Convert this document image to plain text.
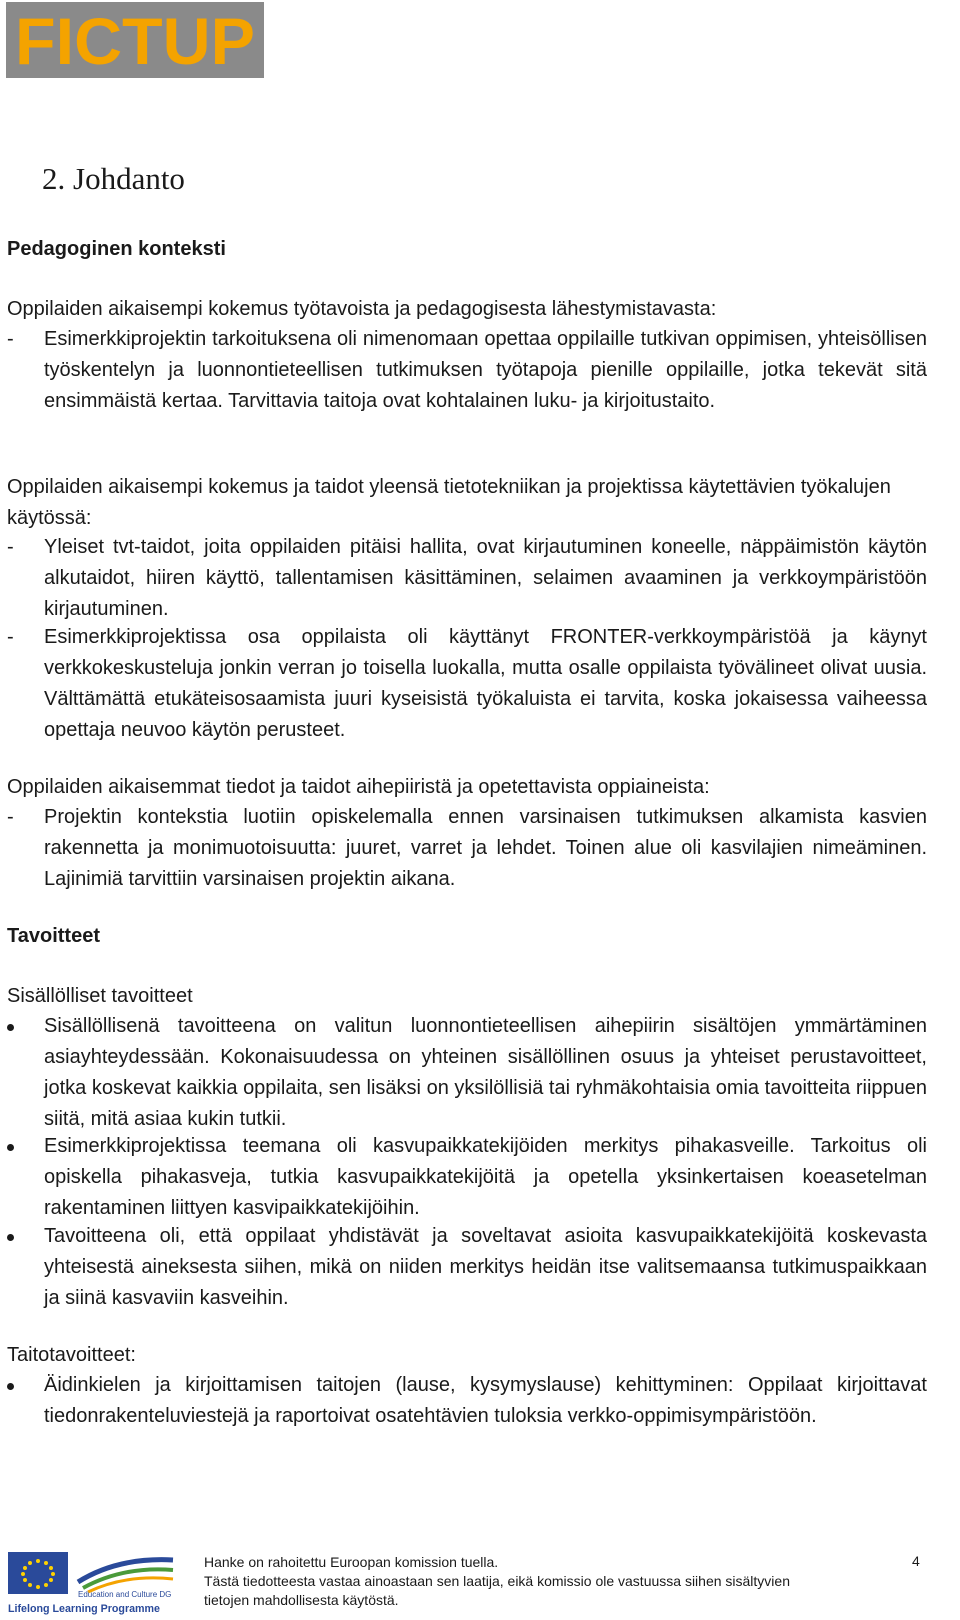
FICTUP
2. Johdanto
Pedagoginen konteksti
Oppilaiden aikaisempi kokemus työtavoista ja pedagogisesta lähestymistavasta:
- Esimerkkiprojektin tarkoituksena oli nimenomaan opettaa oppilaille tutkivan oppimisen, yhteisöllisen työskentelyn ja luonnontieteellisen tutkimuksen työtapoja pienille oppilaille, jotka tekevät sitä ensimmäistä kertaa. Tarvittavia taitoja ovat kohtalainen luku- ja kirjoitustaito.
Oppilaiden aikaisempi kokemus ja taidot yleensä tietotekniikan ja projektissa käytettävien työkalujen käytössä:
- Yleiset tvt-taidot, joita oppilaiden pitäisi hallita, ovat kirjautuminen koneelle, näppäimistön käytön alkutaidot, hiiren käyttö, tallentamisen käsittäminen, selaimen avaaminen ja verkkoympäristöön kirjautuminen.
- Esimerkkiprojektissa osa oppilaista oli käyttänyt FRONTER-verkkoympäristöä ja käynyt verkkokeskusteluja jonkin verran jo toisella luokalla, mutta osalle oppilaista työvälineet olivat uusia. Välttämättä etukäteisosaamista juuri kyseisistä työkaluista ei tarvita, koska jokaisessa vaiheessa opettaja neuvoo käytön perusteet.
Oppilaiden aikaisemmat tiedot ja taidot aihepiiristä ja opetettavista oppiaineista:
- Projektin kontekstia luotiin opiskelemalla ennen varsinaisen tutkimuksen alkamista kasvien rakennetta ja monimuotoisuutta: juuret, varret ja lehdet. Toinen alue oli kasvilajien nimeäminen. Lajinimiä tarvittiin varsinaisen projektin aikana.
Tavoitteet
Sisällölliset tavoitteet
Sisällöllisenä tavoitteena on valitun luonnontieteellisen aihepiirin sisältöjen ymmärtäminen asiayhteydessään. Kokonaisuudessa on yhteinen sisällöllinen osuus ja yhteiset perustavoitteet, jotka koskevat kaikkia oppilaita, sen lisäksi on yksilöllisiä tai ryhmäkohtaisia omia tavoitteita riippuen siitä, mitä asiaa kukin tutkii.
Esimerkkiprojektissa teemana oli kasvupaikkatekijöiden merkitys pihakasveille. Tarkoitus oli opiskella pihakasveja, tutkia kasvupaikkatekijöitä ja opetella yksinkertaisen koeasetelman rakentaminen liittyen kasvipaikkatekijöihin.
Tavoitteena oli, että oppilaat yhdistävät ja soveltavat asioita kasvupaikkatekijöitä koskevasta yhteisestä aineksesta siihen, mikä on niiden merkitys heidän itse valitsemaansa tutkimuspaikkaan ja siinä kasvaviin kasveihin.
Taitotavoitteet:
Äidinkielen ja kirjoittamisen taitojen (lause, kysymyslause) kehittyminen: Oppilaat kirjoittavat tiedonrakenteluviestejä ja raportoivat osatehtävien tuloksia verkko-oppimisympäristöön.
Education and Culture DG
Lifelong Learning Programme
Hanke on rahoitettu Euroopan komission tuella.
Tästä tiedotteesta vastaa ainoastaan sen laatija, eikä komissio ole vastuussa siihen sisältyvien
tietojen mahdollisesta käytöstä.
4
